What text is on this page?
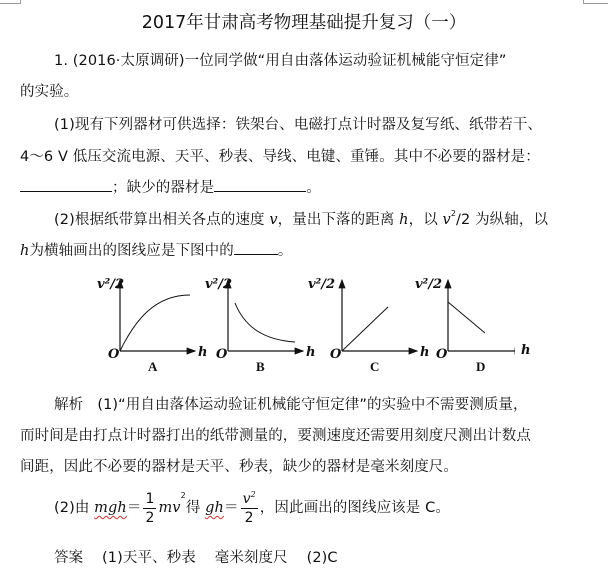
2017年甘肃高考物理基础提升复习（一）
1. (2016·太原调研)一位同学做“用自由落体运动验证机械能守恒定律”
的实验。
(1)现有下列器材可供选择：铁架台、电磁打点计时器及复写纸、纸带若干、
4～6 V 低压交流电源、天平、秒表、导线、电键、重锤。其中不必要的器材是：
；缺少的器材是	。
(2)根据纸带算出相关各点的速度 v，量出下落的距离 h，以 $v^2/2$ 为纵轴，以
h为横轴画出的图线应是下图中的	。
v²/2
O	h
A
v²/2
O	h
B
v²/2
O	h
C
v²/2
O
D
h
解析 (1)“用自由落体运动验证机械能守恒定律”的实验中不需要测质量，
而时间是由打点计时器打出的纸带测量的，要测速度还需要用刻度尺测出计数点
间距，因此不必要的器材是天平、秒表，缺少的器材是毫米刻度尺。
(2)由 $mgh= \frac{1}{2} mv^2$得 $gh= \frac{v^2}{2}$ ，因此画出的图线应该是 C。
答案 (1)天平、秒表 毫米刻度尺 (2)C
